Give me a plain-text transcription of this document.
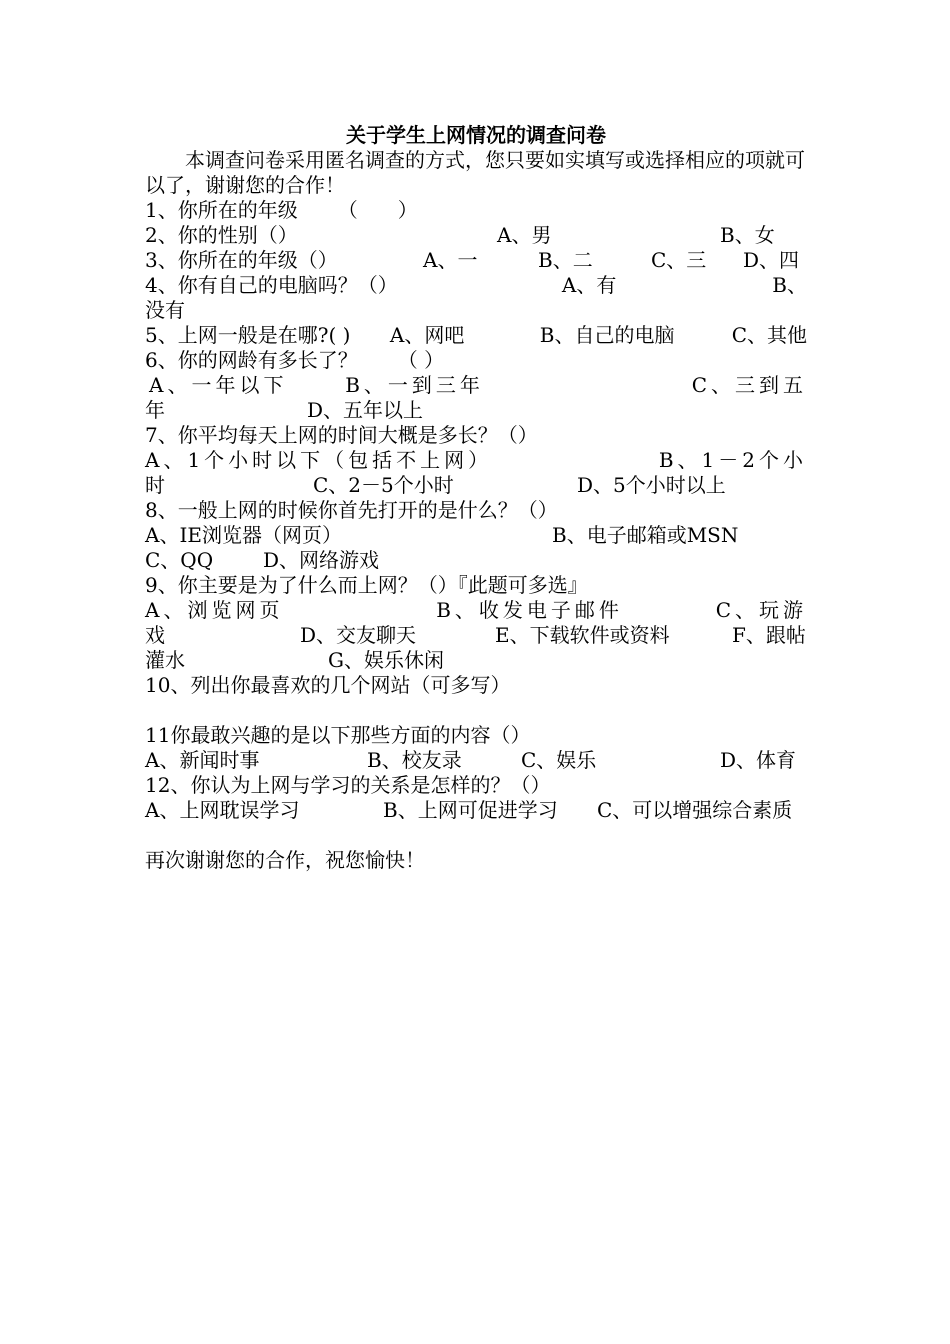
关于学生上网情况的调查问卷
本调查问卷采用匿名调查的方式，您只要如实填写或选择相应的项就可以了，谢谢您的合作！
1、你所在的年级 （　　）
2、你的性别（）	A、男	B、女
3、你所在的年级（）	A、一	B、二	C、三	D、四
4、你有自己的电脑吗？（）	A、有	B、
没有
5、上网一般是在哪?( )	A、网吧	B、自己的电脑	C、其他
6、你的网龄有多长了？ （ ）
A、一年以下	B、一到三年	C、三到五
年	D、五年以上
7、你平均每天上网的时间大概是多长？（）
A、1个小时以下（包括不上网）	B、1－2个小
时	C、2－5个小时	D、5个小时以上
8、一般上网的时候你首先打开的是什么？（）
A、IE浏览器（网页）	B、电子邮箱或MSN
C、QQ	D、网络游戏
9、你主要是为了什么而上网？（）『此题可多选』
A、浏览网页	B、收发电子邮件	C、玩游
戏	D、交友聊天	E、下载软件或资料	F、跟帖
灌水	G、娱乐休闲
10、列出你最喜欢的几个网站（可多写）
11你最敢兴趣的是以下那些方面的内容（）
A、新闻时事	B、校友录	C、娱乐	D、体育
12、你认为上网与学习的关系是怎样的？（）
A、上网耽误学习	B、上网可促进学习	C、可以增强综合素质
再次谢谢您的合作，祝您愉快！
